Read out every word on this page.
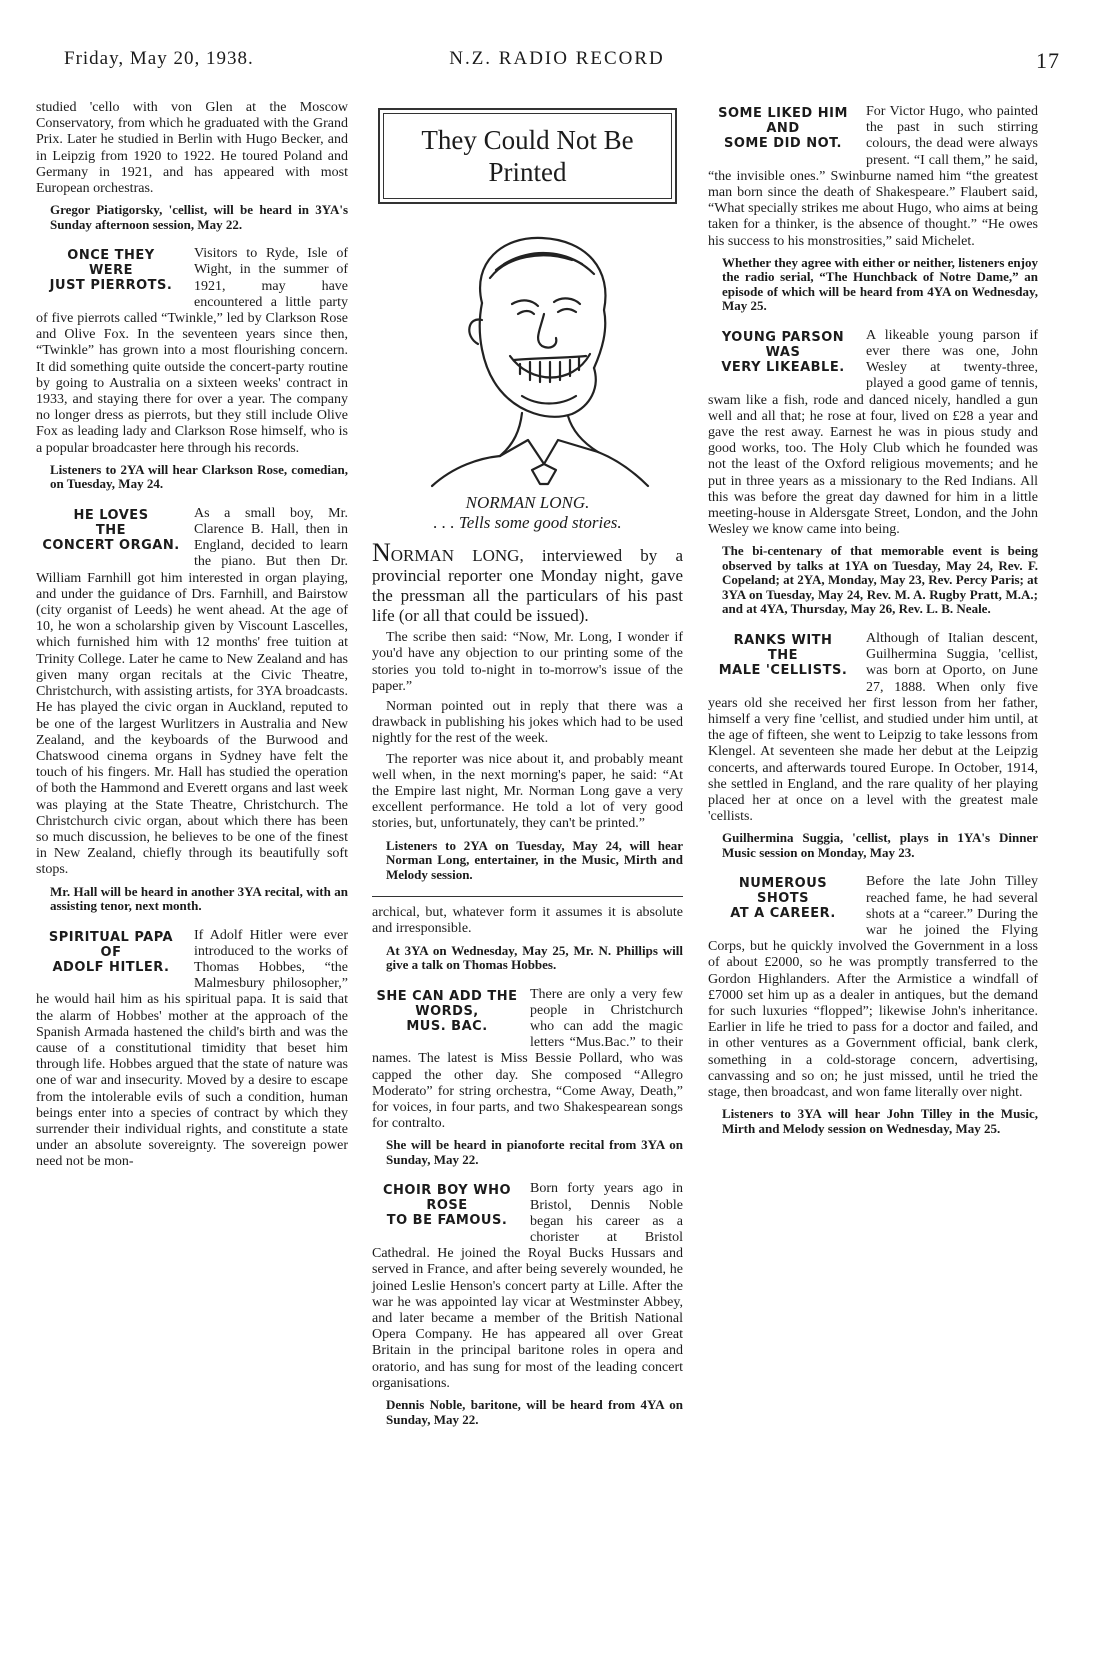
Friday, May 20, 1938.	N.Z. RADIO RECORD	17

studied 'cello with von Glen at the Moscow Conservatory, from which he graduated with the Grand Prix. Later he studied in Berlin with Hugo Becker, and in Leipzig from 1920 to 1922. He toured Poland and Germany in 1921, and has appeared with most European orchestras.

Gregor Piatigorsky, 'cellist, will be heard in 3YA's Sunday afternoon session, May 22.
ONCE THEY
WERE
JUST PIERROTS.

Visitors to Ryde, Isle of Wight, in the summer of 1921, may have encountered a little party of five pierrots called “Twinkle,” led by Clarkson Rose and Olive Fox. In the seventeen years since then, “Twinkle” has grown into a most flourishing concern. It did something quite outside the concert-party routine by going to Australia on a sixteen weeks' contract in 1933, and staying there for over a year. The company no longer dress as pierrots, but they still include Olive Fox as leading lady and Clarkson Rose himself, who is a popular broadcaster here through his records.

Listeners to 2YA will hear Clarkson Rose, comedian, on Tuesday, May 24.
HE LOVES
THE
CONCERT ORGAN.

As a small boy, Mr. Clarence B. Hall, then in England, decided to learn the piano. But then Dr. William Farnhill got him interested in organ playing, and under the guidance of Drs. Farnhill, and Bairstow (city organist of Leeds) he went ahead. At the age of 10, he won a scholarship given by Viscount Lascelles, which furnished him with 12 months' free tuition at Trinity College. Later he came to New Zealand and has given many organ recitals at the Civic Theatre, Christchurch, with assisting artists, for 3YA broadcasts. He has played the civic organ in Auckland, reputed to be one of the largest Wurlitzers in Australia and New Zealand, and the keyboards of the Burwood and Chatswood cinema organs in Sydney have felt the touch of his fingers. Mr. Hall has studied the operation of both the Hammond and Everett organs and last week was playing at the State Theatre, Christchurch. The Christchurch civic organ, about which there has been so much discussion, he believes to be one of the finest in New Zealand, chiefly through its beautifully soft stops.

Mr. Hall will be heard in another 3YA recital, with an assisting tenor, next month.
SPIRITUAL PAPA
OF
ADOLF HITLER.

If Adolf Hitler were ever introduced to the works of Thomas Hobbes, “the Malmesbury philosopher,” he would hail him as his spiritual papa. It is said that the alarm of Hobbes' mother at the approach of the Spanish Armada hastened the child's birth and was the cause of a constitutional timidity that beset him through life. Hobbes argued that the state of nature was one of war and insecurity. Moved by a desire to escape from the intolerable evils of such a condition, human beings enter into a species of contract by which they surrender their individual rights, and constitute a state under an absolute sovereignty. The sovereign power need not be mon-

They Could Not Be
Printed
NORMAN LONG.
. . . Tells some good stories.

NORMAN LONG, interviewed by a provincial reporter one Monday night, gave the pressman all the particulars of his past life (or all that could be issued).

The scribe then said: “Now, Mr. Long, I wonder if you'd have any objection to our printing some of the stories you told to-night in to-morrow's issue of the paper.”

Norman pointed out in reply that there was a drawback in publishing his jokes which had to be used nightly for the rest of the week.

The reporter was nice about it, and probably meant well when, in the next morning's paper, he said: “At the Empire last night, Mr. Norman Long gave a very excellent performance. He told a lot of very good stories, but, unfortunately, they can't be printed.”

Listeners to 2YA on Tuesday, May 24, will hear Norman Long, entertainer, in the Music, Mirth and Melody session.

archical, but, whatever form it assumes it is absolute and irresponsible.

At 3YA on Wednesday, May 25, Mr. N. Phillips will give a talk on Thomas Hobbes.
SHE CAN ADD THE
WORDS,
MUS. BAC.

There are only a very few people in Christchurch who can add the magic letters “Mus.Bac.” to their names. The latest is Miss Bessie Pollard, who was capped the other day. She composed “Allegro Moderato” for string orchestra, “Come Away, Death,” for voices, in four parts, and two Shakespearean songs for contralto.

She will be heard in pianoforte recital from 3YA on Sunday, May 22.
CHOIR BOY WHO
ROSE
TO BE FAMOUS.

Born forty years ago in Bristol, Dennis Noble began his career as a chorister at Bristol Cathedral. He joined the Royal Bucks Hussars and served in France, and after being severely wounded, he joined Leslie Henson's concert party at Lille. After the war he was appointed lay vicar at Westminster Abbey, and later became a member of the British National Opera Company. He has appeared all over Great Britain in the principal baritone roles in opera and oratorio, and has sung for most of the leading concert organisations.

Dennis Noble, baritone, will be heard from 4YA on Sunday, May 22.
SOME LIKED HIM
AND
SOME DID NOT.

For Victor Hugo, who painted the past in such stirring colours, the dead were always present. “I call them,” he said, “the invisible ones.” Swinburne named him “the greatest man born since the death of Shakespeare.” Flaubert said, “What specially strikes me about Hugo, who aims at being taken for a thinker, is the absence of thought.” “He owes his success to his monstrosities,” said Michelet.

Whether they agree with either or neither, listeners enjoy the radio serial, “The Hunchback of Notre Dame,” an episode of which will be heard from 4YA on Wednesday, May 25.
YOUNG PARSON
WAS
VERY LIKEABLE.

A likeable young parson if ever there was one, John Wesley at twenty-three, played a good game of tennis, swam like a fish, rode and danced nicely, handled a gun well and all that; he rose at four, lived on £28 a year and gave the rest away. Earnest he was in pious study and good works, too. The Holy Club which he founded was not the least of the Oxford religious movements; and he put in three years as a missionary to the Red Indians. All this was before the great day dawned for him in a little meeting-house in Aldersgate Street, London, and the John Wesley we know came into being.

The bi-centenary of that memorable event is being observed by talks at 1YA on Tuesday, May 24, Rev. F. Copeland; at 2YA, Monday, May 23, Rev. Percy Paris; at 3YA on Tuesday, May 24, Rev. M. A. Rugby Pratt, M.A.; and at 4YA, Thursday, May 26, Rev. L. B. Neale.
RANKS WITH
THE
MALE 'CELLISTS.

Although of Italian descent, Guilhermina Suggia, 'cellist, was born at Oporto, on June 27, 1888. When only five years old she received her first lesson from her father, himself a very fine 'cellist, and studied under him until, at the age of fifteen, she went to Leipzig to take lessons from Klengel. At seventeen she made her debut at the Leipzig concerts, and afterwards toured Europe. In October, 1914, she settled in England, and the rare quality of her playing placed her at once on a level with the greatest male 'cellists.

Guilhermina Suggia, 'cellist, plays in 1YA's Dinner Music session on Monday, May 23.
NUMEROUS
SHOTS
AT A CAREER.

Before the late John Tilley reached fame, he had several shots at a “career.” During the war he joined the Flying Corps, but he quickly involved the Government in a loss of about £2000, so he was promptly transferred to the Gordon Highlanders. After the Armistice a windfall of £7000 set him up as a dealer in antiques, but the demand for such luxuries “flopped”; likewise John's inheritance. Earlier in life he tried to pass for a doctor and failed, and in other ventures as a Government official, bank clerk, something in a cold-storage concern, advertising, canvassing and so on; he just missed, until he tried the stage, then broadcast, and won fame literally over night.

Listeners to 3YA will hear John Tilley in the Music, Mirth and Melody session on Wednesday, May 25.
